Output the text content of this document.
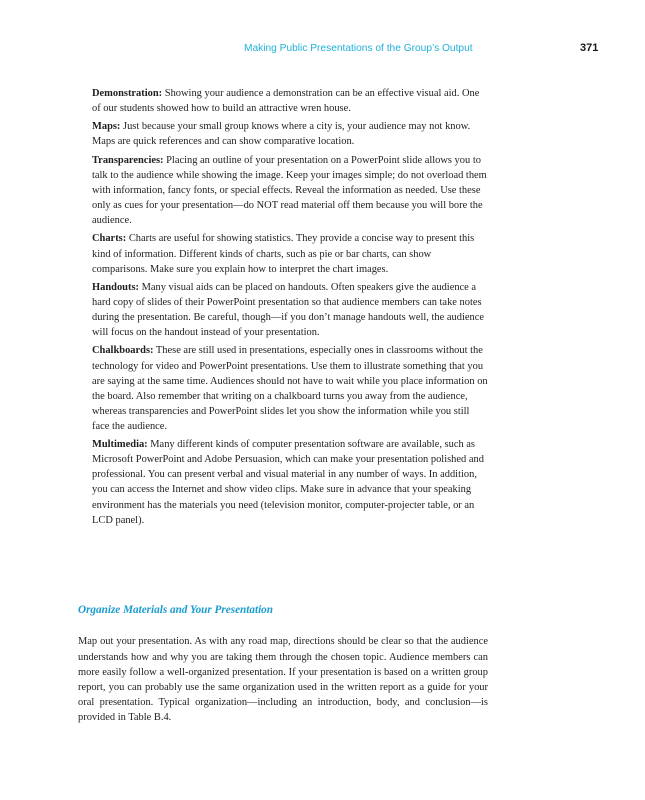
Making Public Presentations of the Group’s Output	371

Demonstration: Showing your audience a demonstration can be an effective visual aid. One of our students showed how to build an attractive wren house.

Maps: Just because your small group knows where a city is, your audience may not know. Maps are quick references and can show comparative location.

Transparencies: Placing an outline of your presentation on a PowerPoint slide allows you to talk to the audience while showing the image. Keep your images simple; do not overload them with information, fancy fonts, or special effects. Reveal the information as needed. Use these only as cues for your presentation—do NOT read material off them because you will bore the audience.

Charts: Charts are useful for showing statistics. They provide a concise way to present this kind of information. Different kinds of charts, such as pie or bar charts, can show comparisons. Make sure you explain how to interpret the chart images.

Handouts: Many visual aids can be placed on handouts. Often speakers give the audience a hard copy of slides of their PowerPoint presentation so that audience members can take notes during the presentation. Be careful, though—if you don’t manage handouts well, the audience will focus on the handout instead of your presentation.

Chalkboards: These are still used in presentations, especially ones in classrooms without the technology for video and PowerPoint presentations. Use them to illustrate something that you are saying at the same time. Audiences should not have to wait while you place information on the board. Also remember that writing on a chalkboard turns you away from the audience, whereas transparencies and PowerPoint slides let you show the information while you still face the audience.

Multimedia: Many different kinds of computer presentation software are available, such as Microsoft PowerPoint and Adobe Persuasion, which can make your presentation polished and professional. You can present verbal and visual material in any number of ways. In addition, you can access the Internet and show video clips. Make sure in advance that your speaking environment has the materials you need (television monitor, computer-projecter table, or an LCD panel).

Organize Materials and Your Presentation

Map out your presentation. As with any road map, directions should be clear so that the audience understands how and why you are taking them through the chosen topic. Audience members can more easily follow a well-organized presentation. If your presentation is based on a written group report, you can probably use the same organization used in the written report as a guide for your oral presentation. Typical organization—including an introduction, body, and conclusion—is provided in Table B.4.
